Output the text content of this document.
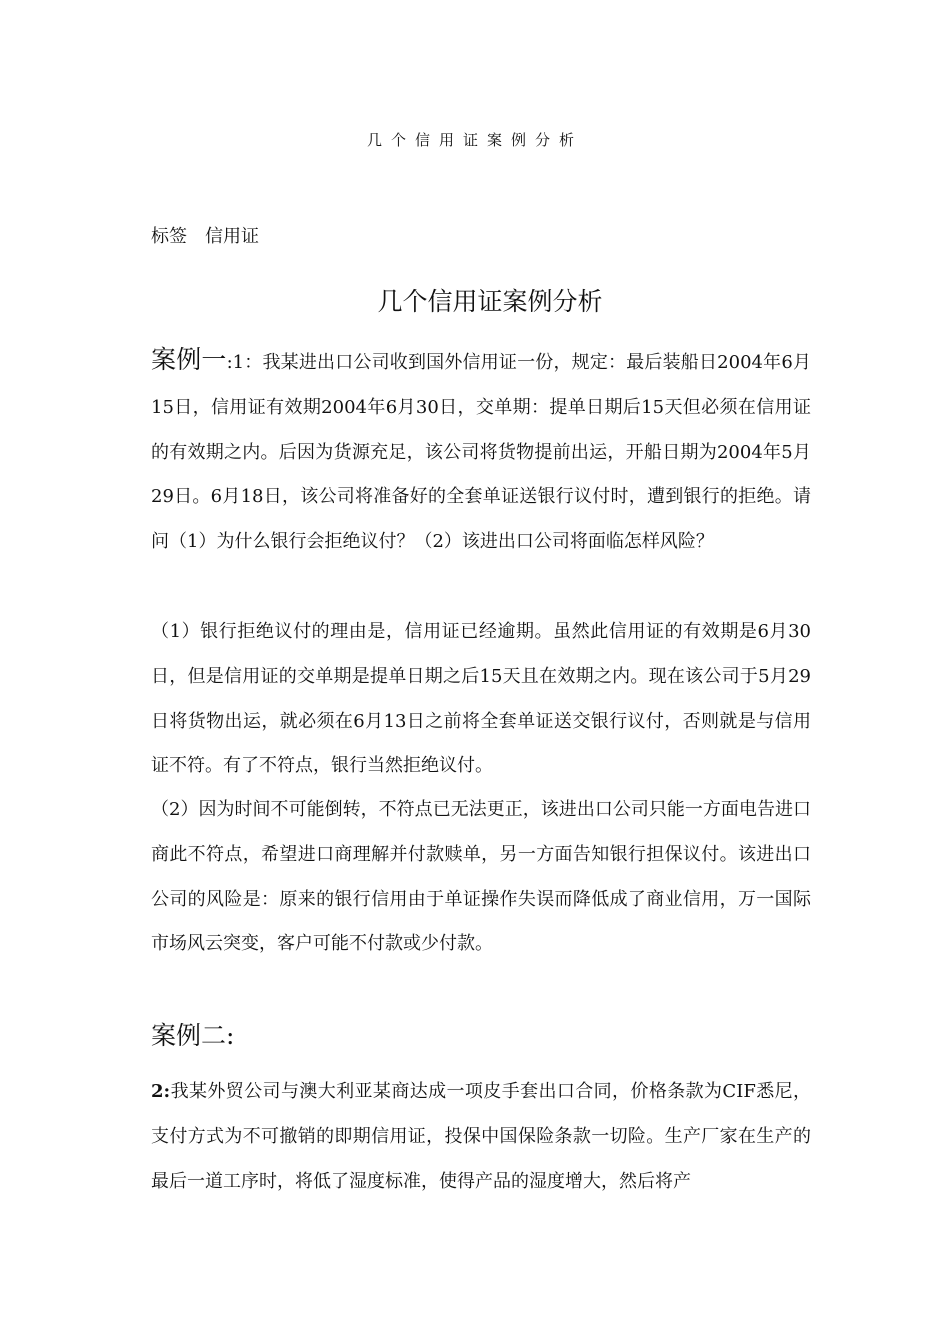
几个信用证案例分析
标签 信用证
几个信用证案例分析

案例一:1：我某进出口公司收到国外信用证一份，规定：最后装船日2004年6月15日，信用证有效期2004年6月30日，交单期：提单日期后15天但必须在信用证的有效期之内。后因为货源充足，该公司将货物提前出运，开船日期为2004年5月29日。6月18日，该公司将准备好的全套单证送银行议付时，遭到银行的拒绝。请问（1）为什么银行会拒绝议付？（2）该进出口公司将面临怎样风险？

（1）银行拒绝议付的理由是，信用证已经逾期。虽然此信用证的有效期是6月30日，但是信用证的交单期是提单日期之后15天且在效期之内。现在该公司于5月29日将货物出运，就必须在6月13日之前将全套单证送交银行议付，否则就是与信用证不符。有了不符点，银行当然拒绝议付。

（2）因为时间不可能倒转，不符点已无法更正，该进出口公司只能一方面电告进口商此不符点，希望进口商理解并付款赎单，另一方面告知银行担保议付。该进出口公司的风险是：原来的银行信用由于单证操作失误而降低成了商业信用，万一国际市场风云突变，客户可能不付款或少付款。

案例二:

2:我某外贸公司与澳大利亚某商达成一项皮手套出口合同，价格条款为CIF悉尼，支付方式为不可撤销的即期信用证，投保中国保险条款一切险。生产厂家在生产的最后一道工序时，将低了湿度标准，使得产品的湿度增大，然后将产
